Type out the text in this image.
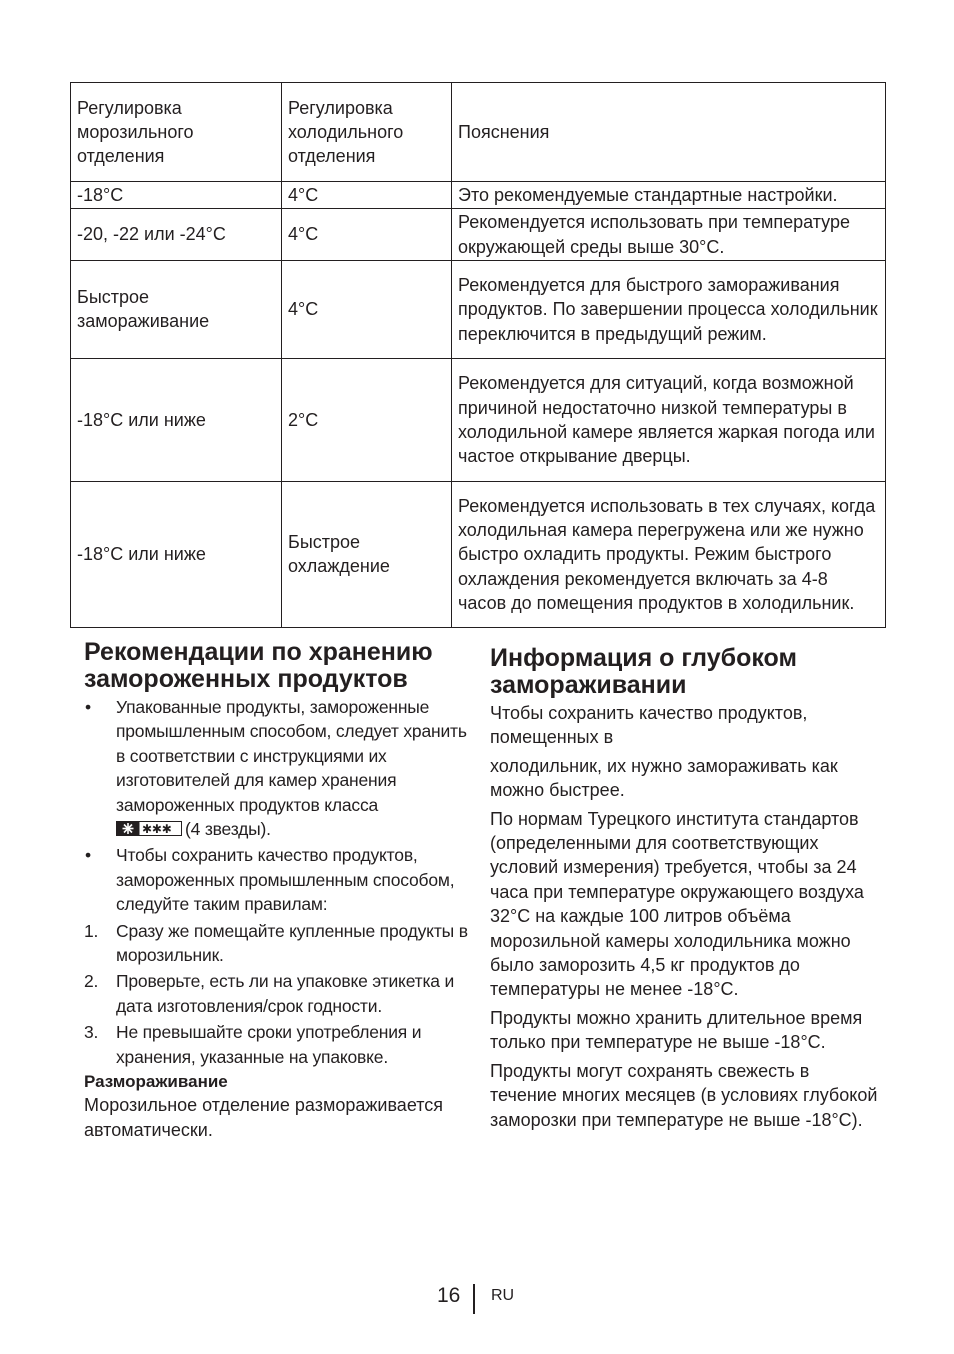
Регулировка морозильного отделения	Регулировка холодильного отделения	Пояснения
-18°С	4°С	Это рекомендуемые стандартные настройки.
-20, -22 или -24°С	4°С	Рекомендуется использовать при температуре окружающей среды выше 30°С.
Быстрое замораживание	4°С	Рекомендуется для быстрого замораживания продуктов. По завершении процесса холодильник переключится в предыдущий режим.
-18°С или ниже	2°С	Рекомендуется для ситуаций, когда возможной причиной недостаточно низкой температуры в холодильной камере является жаркая погода или частое открывание дверцы.
-18°С или ниже	Быстрое охлаждение	Рекомендуется использовать в тех случаях, когда холодильная камера перегружена или же нужно быстро охладить продукты. Режим быстрого охлаждения рекомендуется включать за 4-8 часов до помещения продуктов в холодильник.
Рекомендации по хранению замороженных продуктов
•	Упакованные продукты, замороженные промышленным способом, следует хранить в соответствии с инструкциями их изготовителей для камер хранения замороженных продуктов класса

✱✱✱ (4 звезды).
•	Чтобы сохранить качество продуктов, замороженных промышленным способом, следуйте таким правилам:
1.	Сразу же помещайте купленные продукты в морозильник.
2.	Проверьте, есть ли на упаковке этикетка и дата изготовления/срок годности.
3.	Не превышайте сроки употребления и хранения, указанные на упаковке.
Размораживание

Морозильное отделение размораживается автоматически.

Информация о глубоком замораживании

Чтобы сохранить качество продуктов, помещенных в

холодильник, их нужно замораживать как можно быстрее.

По нормам Турецкого института стандартов (определенными для соответствующих условий измерения) требуется, чтобы за 24 часа при температуре окружающего воздуха 32°С на каждые 100 литров объёма морозильной камеры холодильника можно было заморозить 4,5 кг продуктов до температуры не менее -18°С.

Продукты можно хранить длительное время только при температуре не выше -18°С.

Продукты могут сохранять свежесть в течение многих месяцев (в условиях глубокой заморозки при температуре не выше -18°С).

16 RU
